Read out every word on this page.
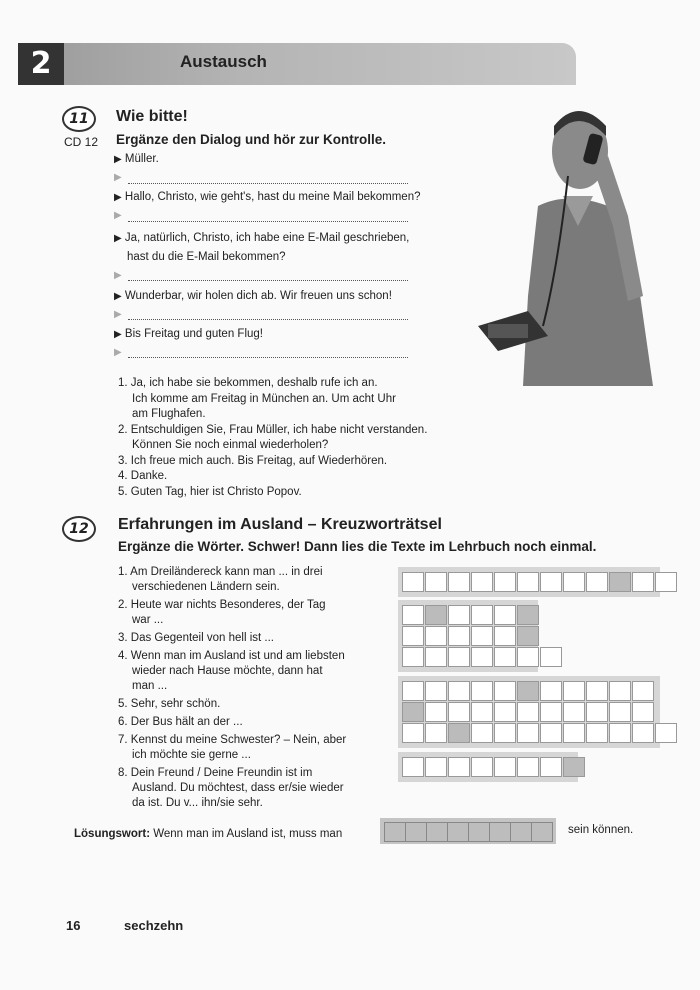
2	Austausch
11	Wie bitte!
CD 12 Ergänze den Dialog und hör zur Kontrolle.
▶ Müller.
▶
▶ Hallo, Christo, wie geht's, hast du meine Mail bekommen?
▶
▶ Ja, natürlich, Christo, ich habe eine E-Mail geschrieben,
hast du die E-Mail bekommen?
▶
▶ Wunderbar, wir holen dich ab. Wir freuen uns schon!
▶
▶ Bis Freitag und guten Flug!
▶

1. Ja, ich habe sie bekommen, deshalb rufe ich an.

Ich komme am Freitag in München an. Um acht Uhr

am Flughafen.

2. Entschuldigen Sie, Frau Müller, ich habe nicht verstanden.

Können Sie noch einmal wiederholen?

3. Ich freue mich auch. Bis Freitag, auf Wiederhören.

4. Danke.

5. Guten Tag, hier ist Christo Popov.

12	Erfahrungen im Ausland – Kreuzworträtsel
Ergänze die Wörter. Schwer! Dann lies die Texte im Lehrbuch noch einmal.

1. Am Dreiländereck kann man ... in drei

verschiedenen Ländern sein.

2. Heute war nichts Besonderes, der Tag

war ...

3. Das Gegenteil von hell ist ...

4. Wenn man im Ausland ist und am liebsten

wieder nach Hause möchte, dann hat

man ...

5. Sehr, sehr schön.

6. Der Bus hält an der ...

7. Kennst du meine Schwester? – Nein, aber

ich möchte sie gerne ...

8. Dein Freund / Deine Freundin ist im

Ausland. Du möchtest, dass er/sie wieder

da ist. Du v... ihn/sie sehr.

Lösungswort: Wenn man im Ausland ist, muss man	sein können.
16	sechzehn
